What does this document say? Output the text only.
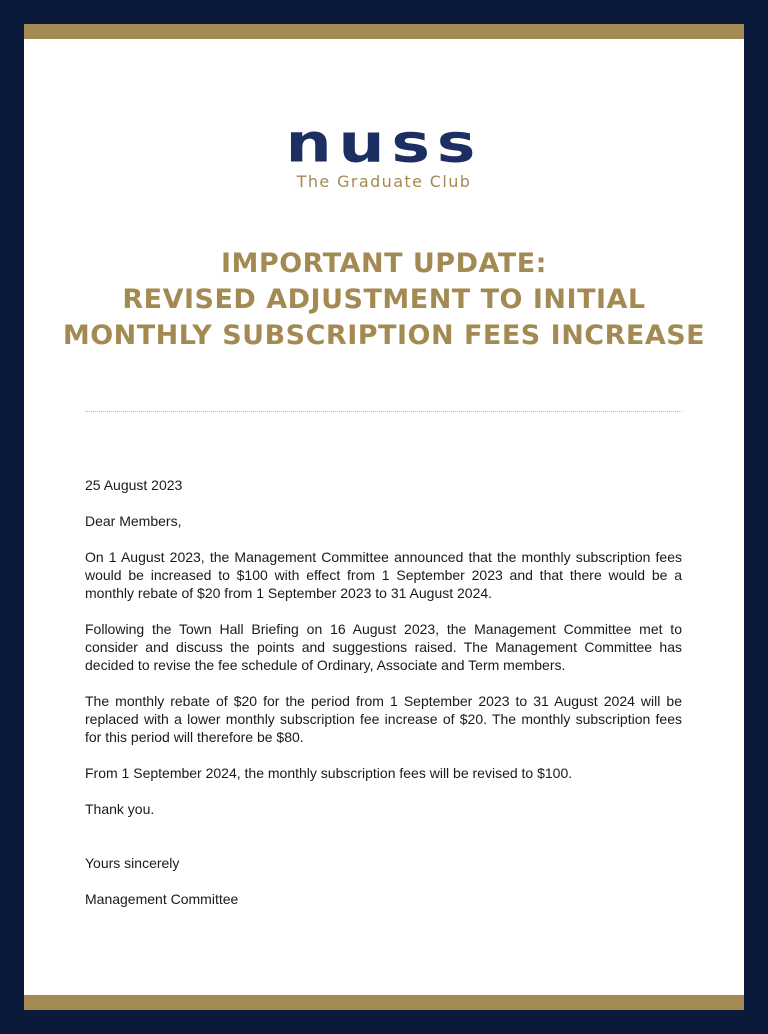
nuss
The Graduate Club
IMPORTANT UPDATE:
REVISED ADJUSTMENT TO INITIAL
MONTHLY SUBSCRIPTION FEES INCREASE

25 August 2023

Dear Members,

On 1 August 2023, the Management Committee announced that the monthly subscription fees would be increased to $100 with effect from 1 September 2023 and that there would be a monthly rebate of $20 from 1 September 2023 to 31 August 2024.

Following the Town Hall Briefing on 16 August 2023, the Management Committee met to consider and discuss the points and suggestions raised. The Management Committee has decided to revise the fee schedule of Ordinary, Associate and Term members.

The monthly rebate of $20 for the period from 1 September 2023 to 31 August 2024 will be replaced with a lower monthly subscription fee increase of $20. The monthly subscription fees for this period will therefore be $80.

From 1 September 2024, the monthly subscription fees will be revised to $100.

Thank you.

Yours sincerely

Management Committee
